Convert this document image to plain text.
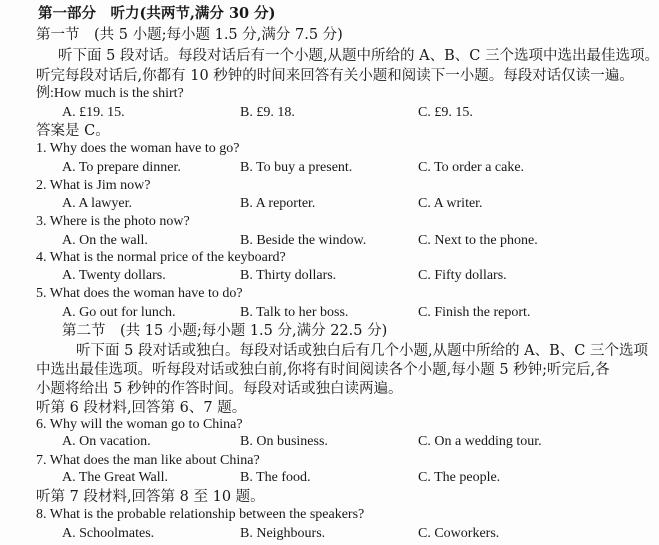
第一部分　听力(共两节,满分 30 分)
第一节　(共 5 小题;每小题 1.5 分,满分 7.5 分)
听下面 5 段对话。每段对话后有一个小题,从题中所给的 A、B、C 三个选项中选出最佳选项。
听完每段对话后,你都有 10 秒钟的时间来回答有关小题和阅读下一小题。每段对话仅读一遍。
例:How much is the shirt?
A. £19. 15.	B. £9. 18.	C. £9. 15.
答案是 C。
1. Why does the woman have to go?
A. To prepare dinner.	B. To buy a present.	C. To order a cake.
2. What is Jim now?
A. A lawyer.	B. A reporter.	C. A writer.
3. Where is the photo now?
A. On the wall.	B. Beside the window.	C. Next to the phone.
4. What is the normal price of the keyboard?
A. Twenty dollars.	B. Thirty dollars.	C. Fifty dollars.
5. What does the woman have to do?
A. Go out for lunch.	B. Talk to her boss.	C. Finish the report.
第二节　(共 15 小题;每小题 1.5 分,满分 22.5 分)
听下面 5 段对话或独白。每段对话或独白后有几个小题,从题中所给的 A、B、C 三个选项
中选出最佳选项。听每段对话或独白前,你将有时间阅读各个小题,每小题 5 秒钟;听完后,各
小题将给出 5 秒钟的作答时间。每段对话或独白读两遍。
听第 6 段材料,回答第 6、7 题。
6. Why will the woman go to China?
A. On vacation.	B. On business.	C. On a wedding tour.
7. What does the man like about China?
A. The Great Wall.	B. The food.	C. The people.
听第 7 段材料,回答第 8 至 10 题。
8. What is the probable relationship between the speakers?
A. Schoolmates.	B. Neighbours.	C. Coworkers.
